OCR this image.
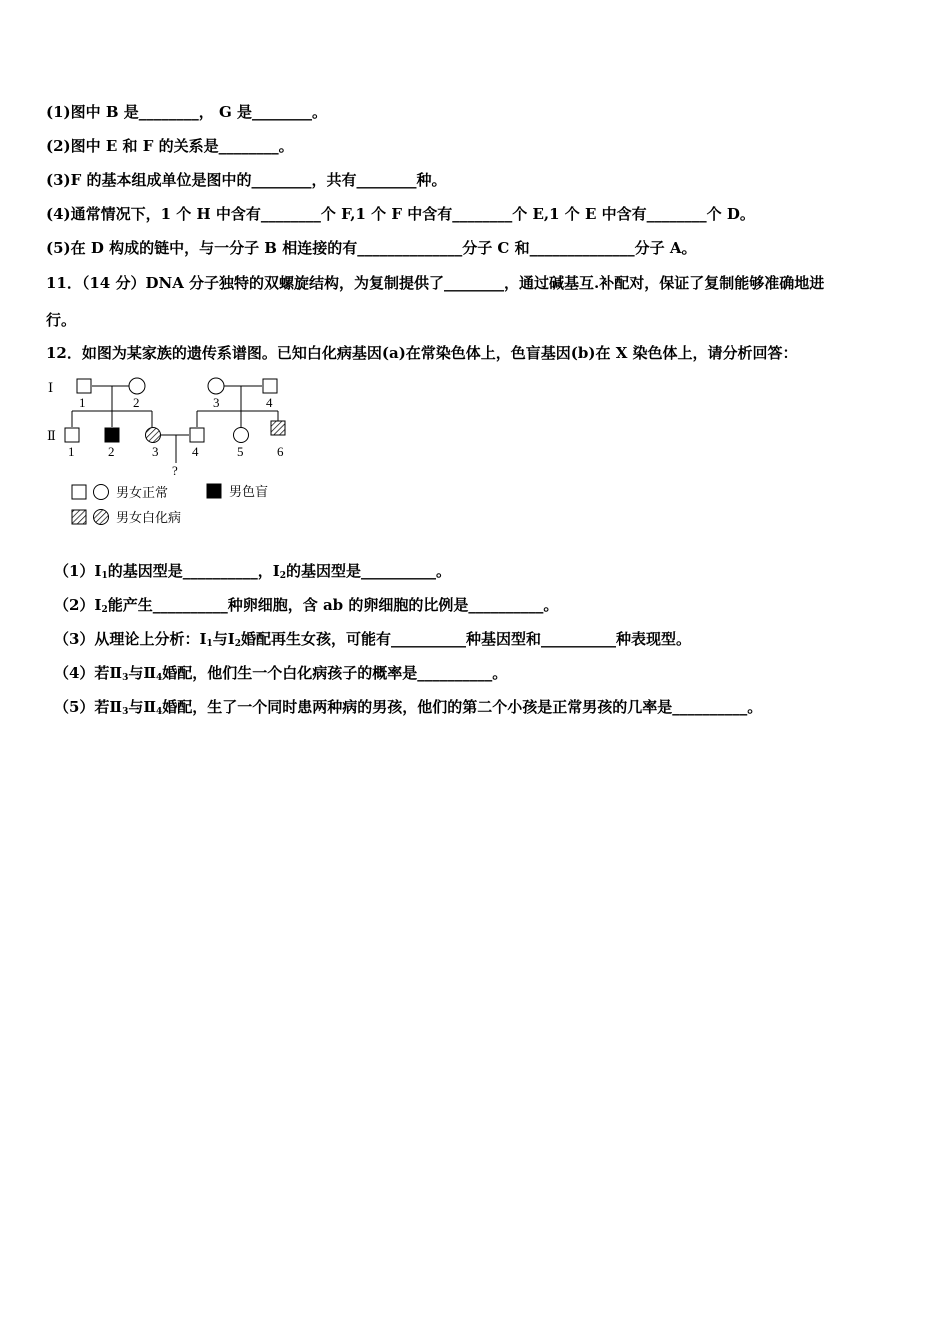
(1)图中 B 是________， G 是________。
(2)图中 E 和 F 的关系是________。
(3)F 的基本组成单位是图中的________，共有________种。
(4)通常情况下，1 个 H 中含有________个 F,1 个 F 中含有________个 E,1 个 E 中含有________个 D。
(5)在 D 构成的链中，与一分子 B 相连接的有______________分子 C 和______________分子 A。
11．（14 分）DNA 分子独特的双螺旋结构，为复制提供了________，通过碱基互.补配对，保证了复制能够准确地进
行。
12．如图为某家族的遗传系谱图。已知白化病基因(a)在常染色体上，色盲基因(b)在 X 染色体上，请分析回答：
Ⅰ
Ⅱ
1	2	3	4
1	2	3	4	5	6
?
男女正常	男色盲
男女白化病
$(1)Ⅰ_1$的基因型是__________，$Ⅰ_2$的基因型是__________。
$(2)Ⅰ_2$能产生__________种卵细胞，含 ab 的卵细胞的比例是__________。
（3）从理论上分析：$Ⅰ_1$与$Ⅰ_2$婚配再生女孩，可能有__________种基因型和__________种表现型。
（4）若$Ⅱ_3$与$Ⅱ_4$婚配，他们生一个白化病孩子的概率是__________。
（5）若$Ⅱ_3$与$Ⅱ_4$婚配，生了一个同时患两种病的男孩，他们的第二个小孩是正常男孩的几率是__________。
